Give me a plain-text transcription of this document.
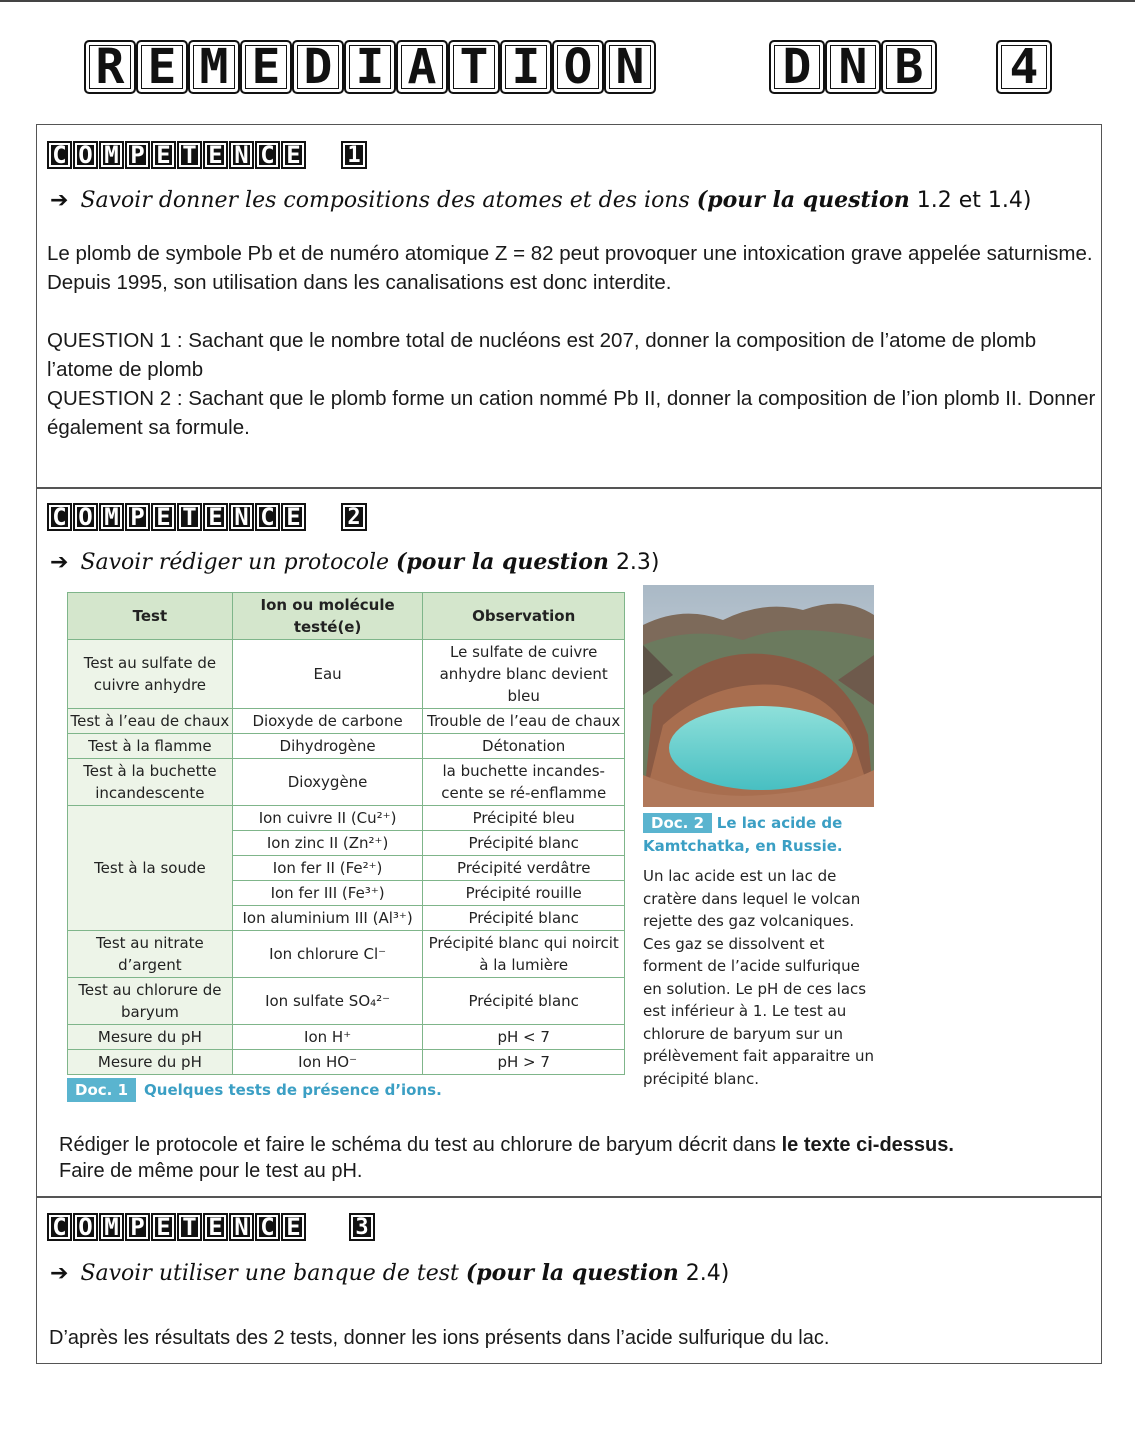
R E M E D I A T I O N	D N B 4
C O M P E T E N C E 1
➔ Savoir donner les compositions des atomes et des ions (pour la question 1.2 et 1.4)

Le plomb de symbole Pb et de numéro atomique Z = 82 peut provoquer une intoxication grave appelée saturnisme.

Depuis 1995, son utilisation dans les canalisations est donc interdite.

QUESTION 1 : Sachant que le nombre total de nucléons est 207, donner la composition de l’atome de plomb l’atome de plomb

QUESTION 2 : Sachant que le plomb forme un cation nommé Pb II, donner la composition de l’ion plomb II. Donner également sa formule.

C O M P E T E N C E 2
➔ Savoir rédiger un protocole (pour la question 2.3)
Test	Ion ou molécule testé(e)	Observation
Test au sulfate de cuivre anhydre	Eau	Le sulfate de cuivre anhydre blanc devient bleu
Test à l’eau de chaux	Dioxyde de carbone	Trouble de l’eau de chaux
Test à la flamme	Dihydrogène	Détonation
Test à la buchette incandescente	Dioxygène	la buchette incandes-cente se ré-enflamme
Test à la soude	Ion cuivre II (Cu²⁺)	Précipité bleu
	Ion zinc II (Zn²⁺)	Précipité blanc
	Ion fer II (Fe²⁺)	Précipité verdâtre
	Ion fer III (Fe³⁺)	Précipité rouille
	Ion aluminium III (Al³⁺)	Précipité blanc
Test au nitrate d’argent	Ion chlorure Cl⁻	Précipité blanc qui noircit à la lumière
Test au chlorure de baryum	Ion sulfate SO₄²⁻	Précipité blanc
Mesure du pH	Ion H⁺	pH < 7
Mesure du pH	Ion HO⁻	pH > 7
Doc. 1	Quelques tests de présence d’ions.
Doc. 2 Le lac acide de
Kamtchatka, en Russie.
Un lac acide est un lac de cratère dans lequel le volcan rejette des gaz volcaniques. Ces gaz se dissolvent et forment de l’acide sulfurique en solution. Le pH de ces lacs est inférieur à 1. Le test au chlorure de baryum sur un prélèvement fait apparaitre un précipité blanc.

Rédiger le protocole et faire le schéma du test au chlorure de baryum décrit dans le texte ci-dessus.

Faire de même pour le test au pH.

C O M P E T E N C E 3
➔ Savoir utiliser une banque de test (pour la question 2.4)

D’après les résultats des 2 tests, donner les ions présents dans l’acide sulfurique du lac.
